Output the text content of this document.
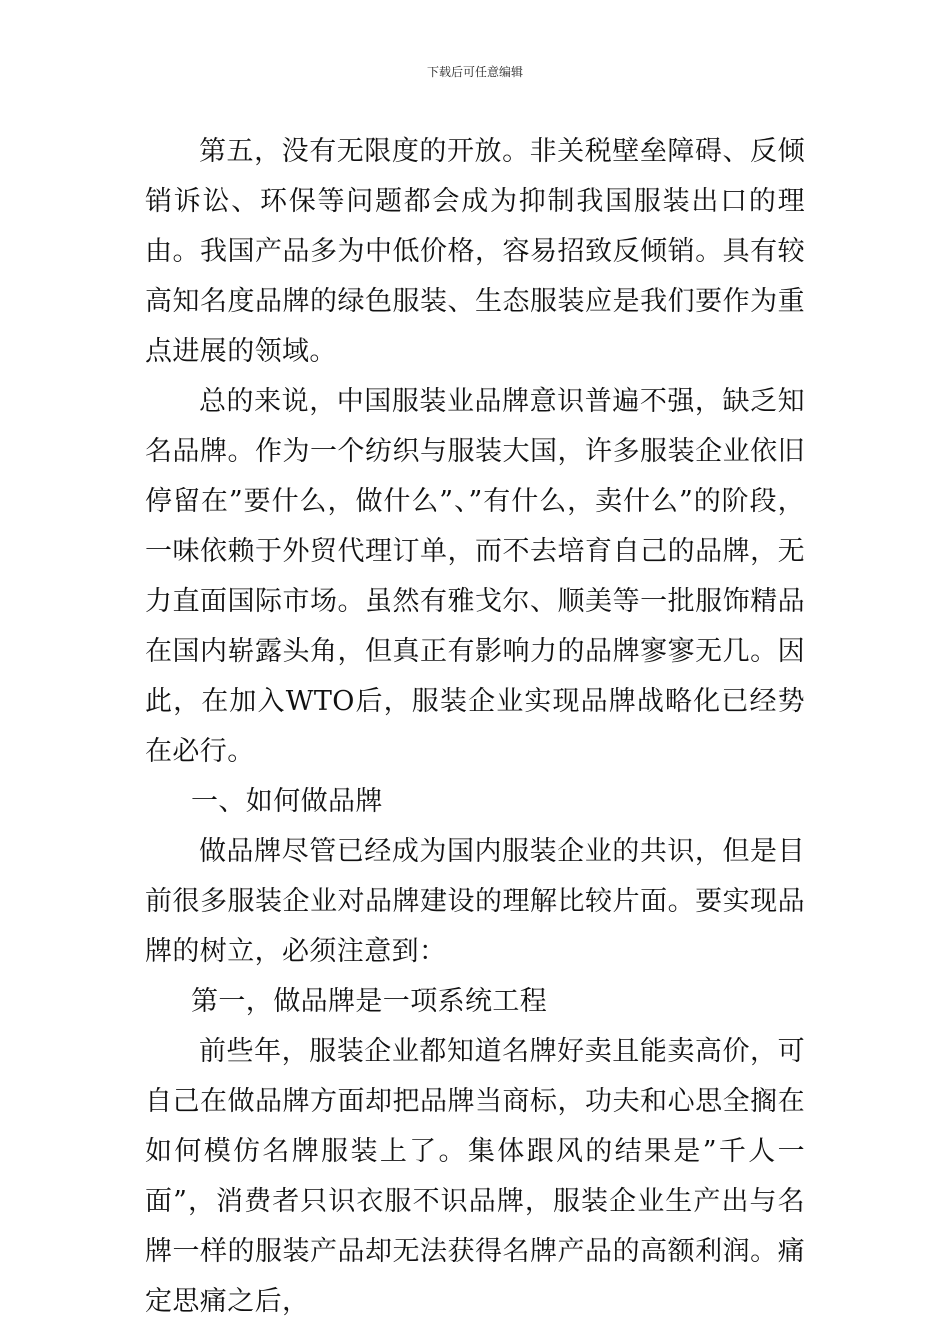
下载后可任意编辑

第五，没有无限度的开放。非关税壁垒障碍、反倾销诉讼、环保等问题都会成为抑制我国服装出口的理由。我国产品多为中低价格，容易招致反倾销。具有较高知名度品牌的绿色服装、生态服装应是我们要作为重点进展的领域。

总的来说，中国服装业品牌意识普遍不强，缺乏知名品牌。作为一个纺织与服装大国，许多服装企业依旧停留在”要什么，做什么”、”有什么，卖什么”的阶段，一味依赖于外贸代理订单，而不去培育自己的品牌，无力直面国际市场。虽然有雅戈尔、顺美等一批服饰精品在国内崭露头角，但真正有影响力的品牌寥寥无几。因此，在加入WTO后，服装企业实现品牌战略化已经势在必行。

一、如何做品牌

做品牌尽管已经成为国内服装企业的共识，但是目前很多服装企业对品牌建设的理解比较片面。要实现品牌的树立，必须注意到：

第一，做品牌是一项系统工程

前些年，服装企业都知道名牌好卖且能卖高价，可自己在做品牌方面却把品牌当商标，功夫和心思全搁在如何模仿名牌服装上了。集体跟风的结果是”千人一面”，消费者只识衣服不识品牌，服装企业生产出与名牌一样的服装产品却无法获得名牌产品的高额利润。痛定思痛之后，
